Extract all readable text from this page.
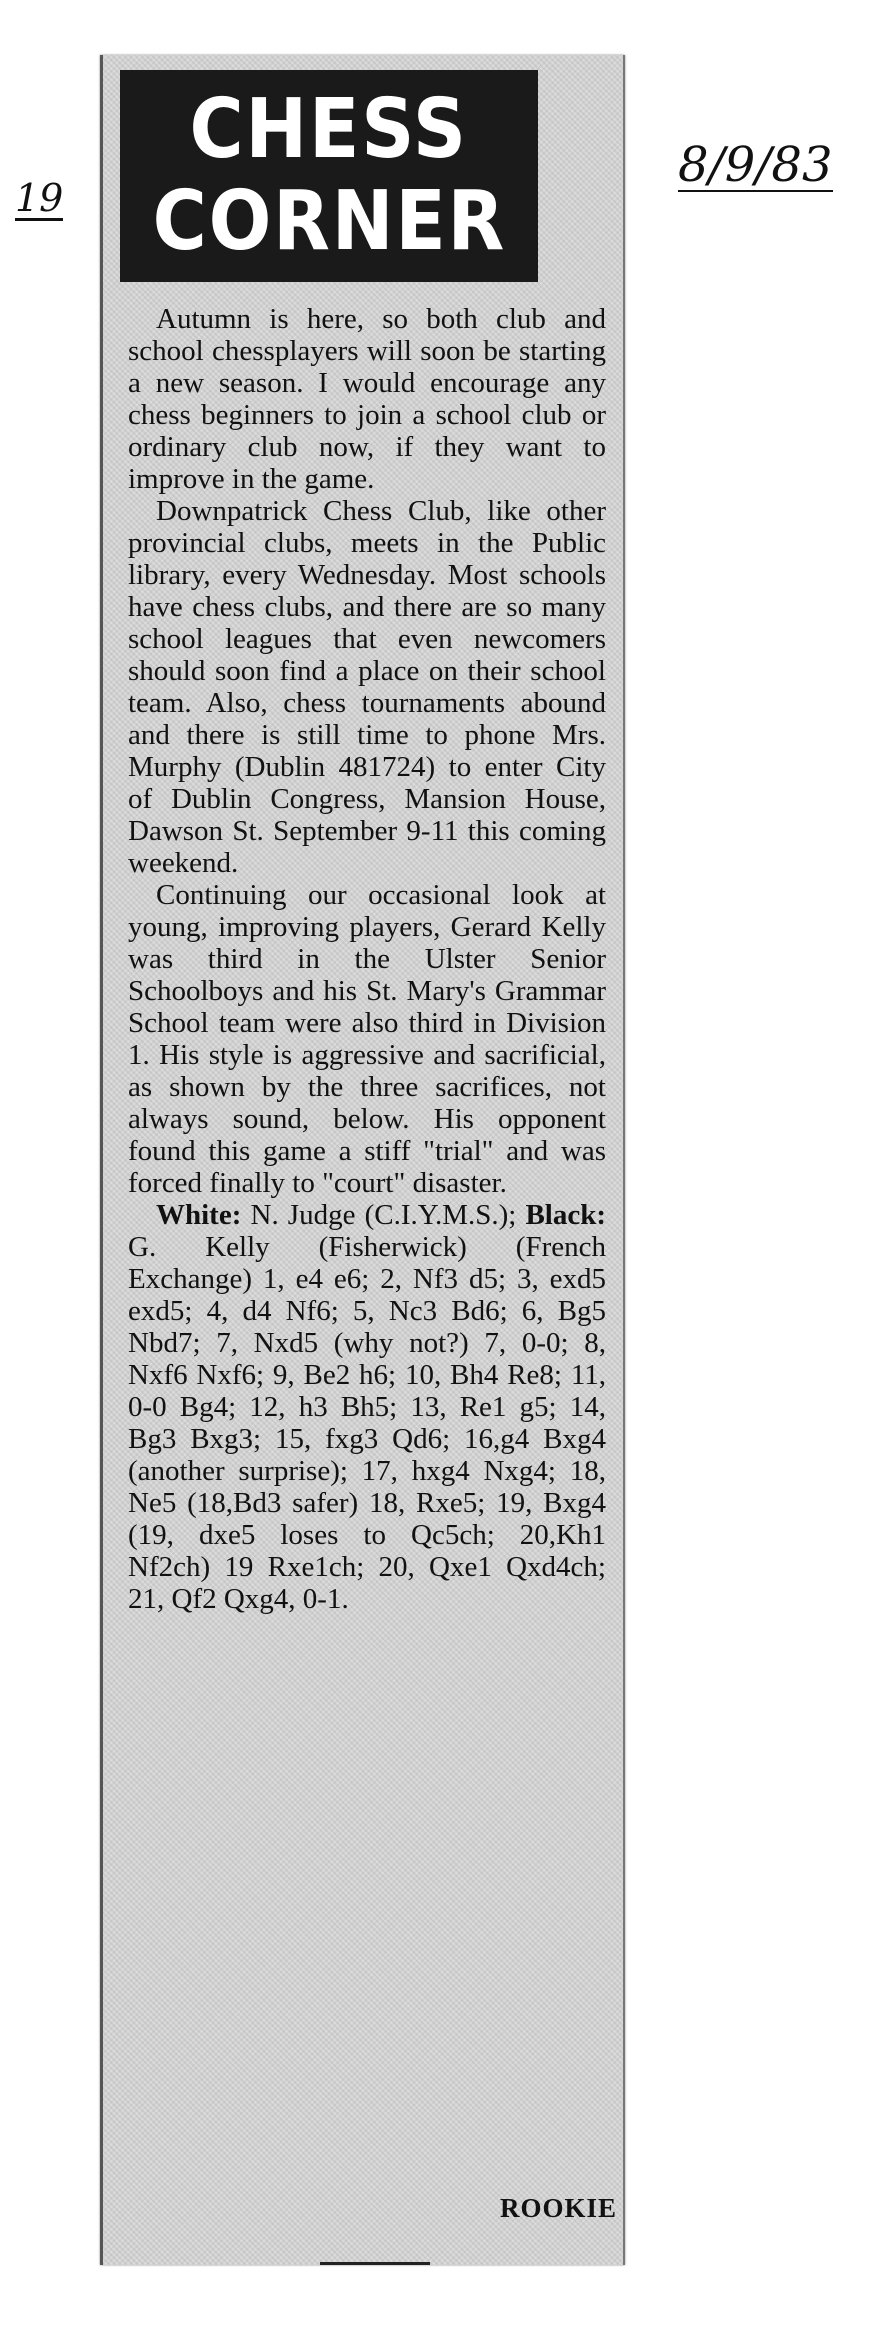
19
8/9/83
CHESS
CORNER

Autumn is here, so both club and school chessplayers will soon be starting a new season. I would encourage any chess beginners to join a school club or ordinary club now, if they want to improve in the game.

Downpatrick Chess Club, like other provincial clubs, meets in the Public library, every Wednesday. Most schools have chess clubs, and there are so many school leagues that even newcomers should soon find a place on their school team. Also, chess tournaments abound and there is still time to phone Mrs. Murphy (Dublin 481724) to enter City of Dublin Congress, Mansion House, Dawson St. September 9-11 this coming weekend.

Continuing our occasional look at young, improving players, Gerard Kelly was third in the Ulster Senior Schoolboys and his St. Mary's Grammar School team were also third in Division 1. His style is aggressive and sacrificial, as shown by the three sacrifices, not always sound, below. His opponent found this game a stiff "trial" and was forced finally to "court" disaster.

White: N. Judge (C.I.Y.M.S.); Black: G. Kelly (Fisherwick) (French Exchange) 1, e4 e6; 2, Nf3 d5; 3, exd5 exd5; 4, d4 Nf6; 5, Nc3 Bd6; 6, Bg5 Nbd7; 7, Nxd5 (why not?) 7, 0-0; 8, Nxf6 Nxf6; 9, Be2 h6; 10, Bh4 Re8; 11, 0-0 Bg4; 12, h3 Bh5; 13, Re1 g5; 14, Bg3 Bxg3; 15, fxg3 Qd6; 16,g4 Bxg4 (another surprise); 17, hxg4 Nxg4; 18, Ne5 (18,Bd3 safer) 18, Rxe5; 19, Bxg4 (19, dxe5 loses to Qc5ch; 20,Kh1 Nf2ch) 19 Rxe1ch; 20, Qxe1 Qxd4ch; 21, Qf2 Qxg4, 0-1.

ROOKIE
